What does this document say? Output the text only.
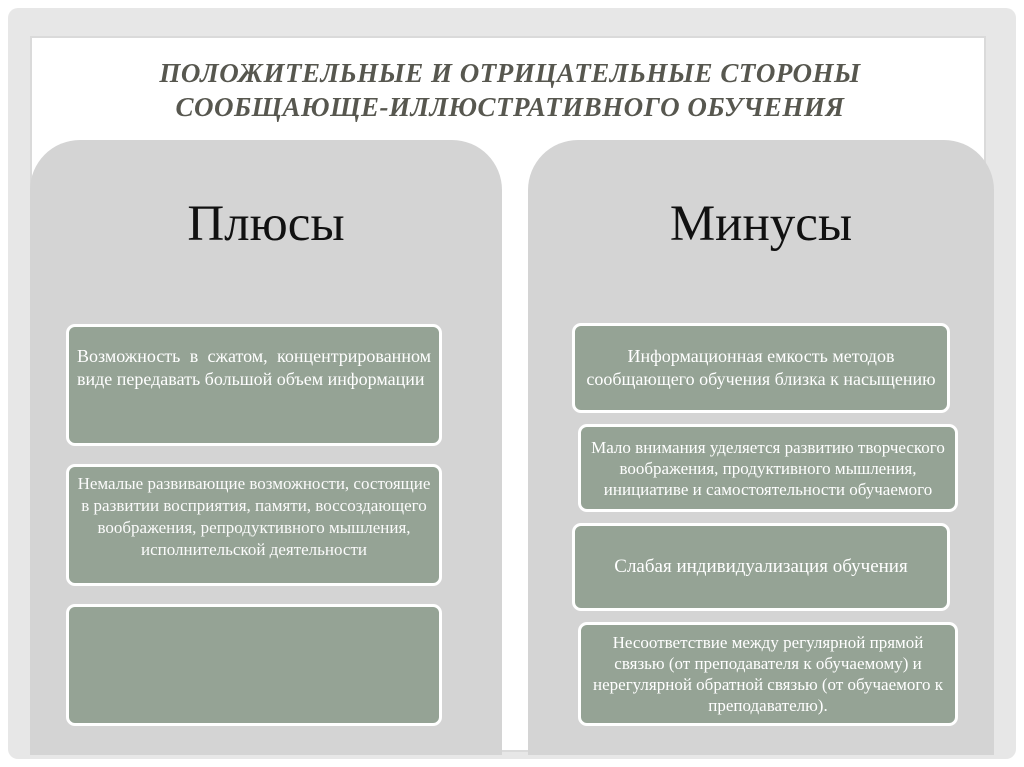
ПОЛОЖИТЕЛЬНЫЕ И ОТРИЦАТЕЛЬНЫЕ СТОРОНЫ
СООБЩАЮЩЕ-ИЛЛЮСТРАТИВНОГО ОБУЧЕНИЯ
Плюсы	Минусы
Возможность в сжатом, концентрированном виде передавать большой объем информации
Немалые развивающие возможности, состоящие в развитии восприятия, памяти, воссоздающего воображения, репродуктивного мышления, исполнительской деятельности
Информационная емкость методов сообщающего обучения близка к насыщению
Мало внимания уделяется развитию творческого воображения, продуктивного мышления, инициативе и самостоятельности обучаемого
Слабая индивидуализация обучения
Несоответствие между регулярной прямой связью (от преподавателя к обучаемому) и нерегулярной обратной связью (от обучаемого к преподавателю).
